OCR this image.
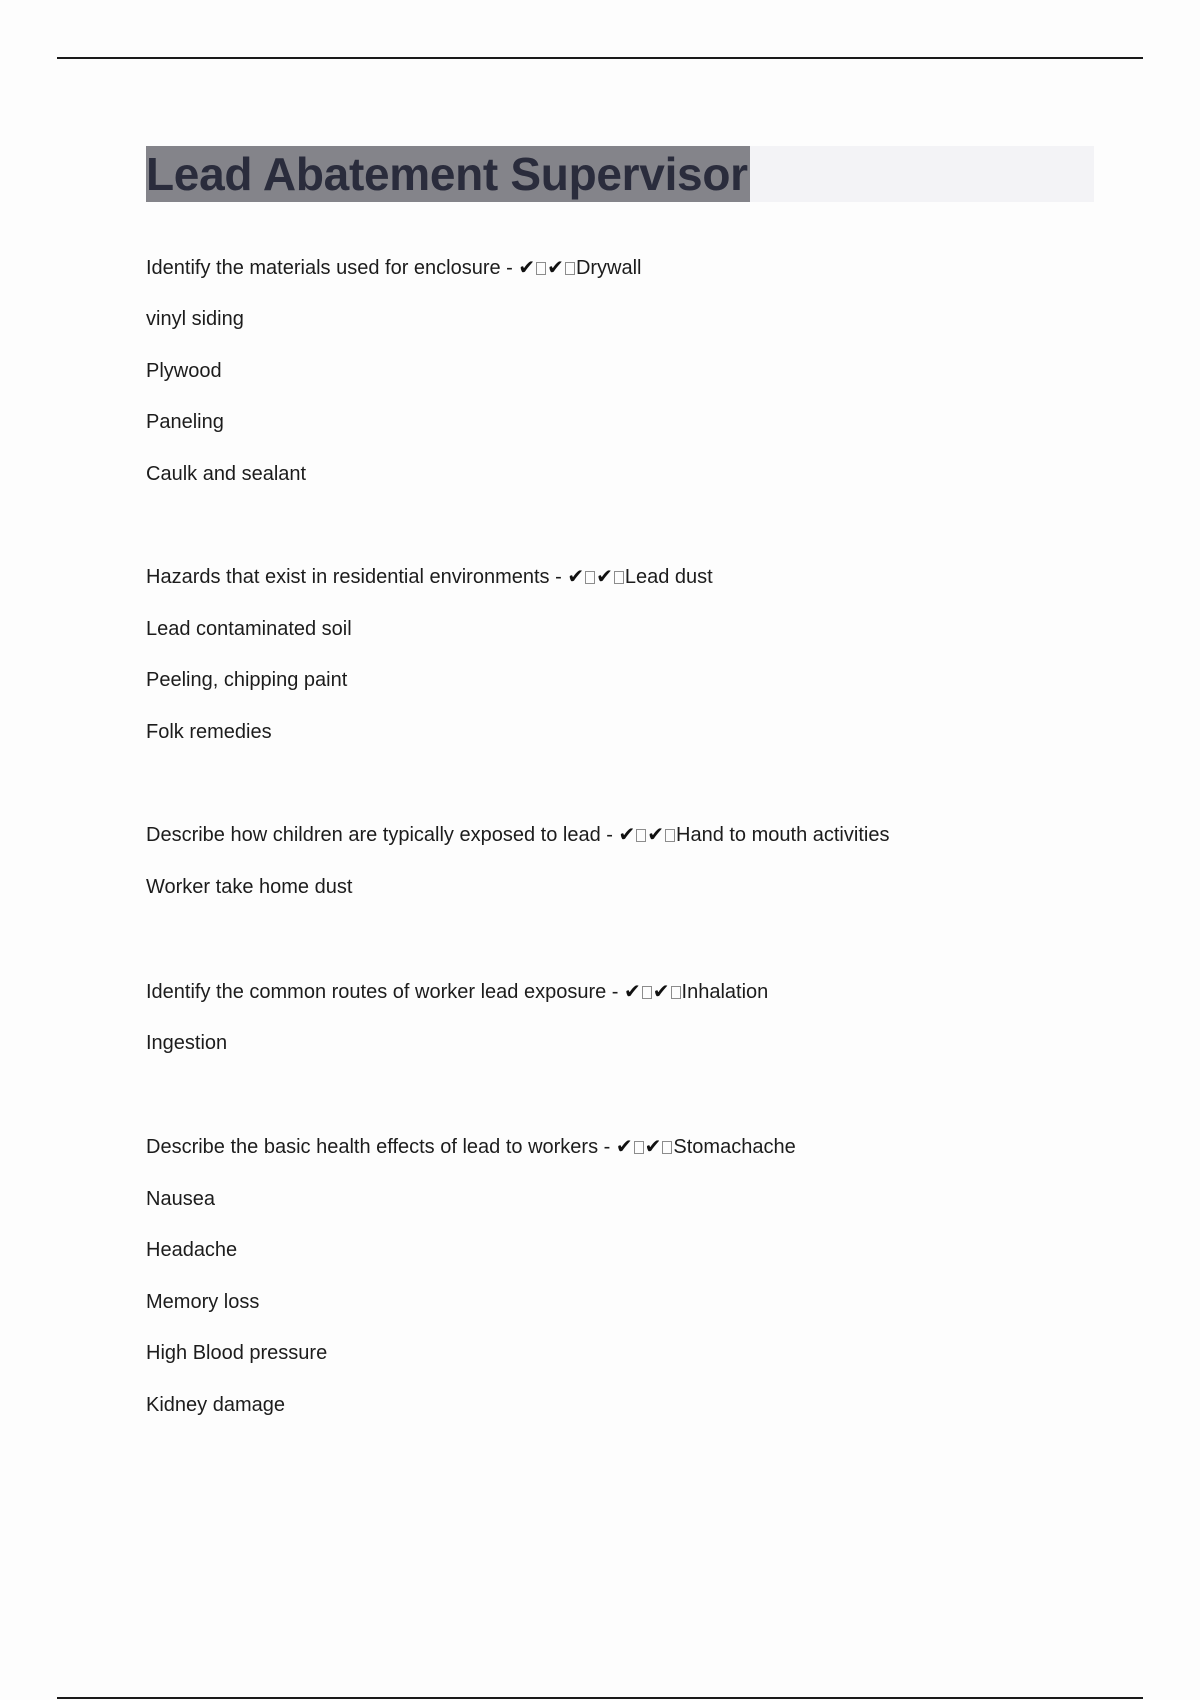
Lead Abatement Supervisor
Identify the materials used for enclosure - ✔ ✔ Drywall
vinyl siding
Plywood
Paneling
Caulk and sealant
Hazards that exist in residential environments - ✔ ✔ Lead dust
Lead contaminated soil
Peeling, chipping paint
Folk remedies
Describe how children are typically exposed to lead - ✔ ✔ Hand to mouth activities
Worker take home dust
Identify the common routes of worker lead exposure - ✔ ✔ Inhalation
Ingestion
Describe the basic health effects of lead to workers - ✔ ✔ Stomachache
Nausea
Headache
Memory loss
High Blood pressure
Kidney damage
